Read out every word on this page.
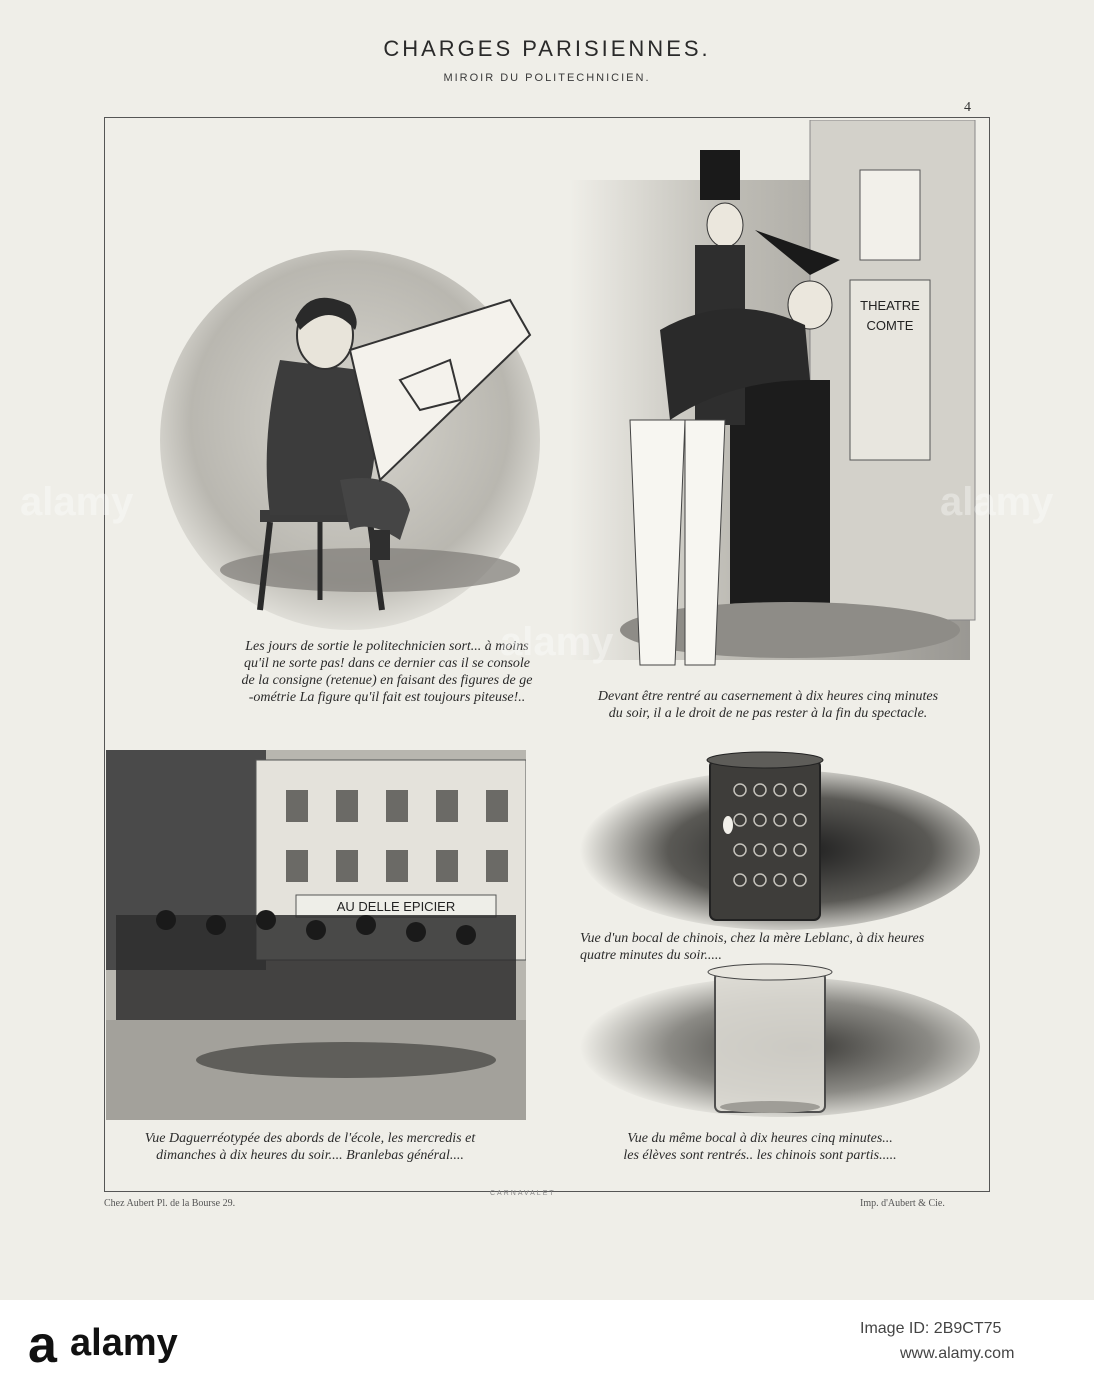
CHARGES PARISIENNES.
MIROIR DU POLITECHNICIEN.
4
Les jours de sortie le politechnicien sort... à moins
qu'il ne sorte pas! dans ce dernier cas il se console
de la consigne (retenue) en faisant des figures de ge
-ométrie La figure qu'il fait est toujours piteuse!..
THEATRE
COMTE
Devant être rentré au casernement à dix heures cinq minutes
du soir, il a le droit de ne pas rester à la fin du spectacle.
AU DELLE EPICIER
Vue Daguerréotypée des abords de l'école, les mercredis et
dimanches à dix heures du soir.... Branlebas général....
Vue d'un bocal de chinois, chez la mère Leblanc, à dix heures
quatre minutes du soir.....
Vue du même bocal à dix heures cinq minutes...
les élèves sont rentrés.. les chinois sont partis.....
Chez Aubert Pl. de la Bourse 29.
CARNAVALET
Imp. d'Aubert & Cie.
alamy
alamy
alamy
a alamy	Image ID: 2B9CT75
www.alamy.com
